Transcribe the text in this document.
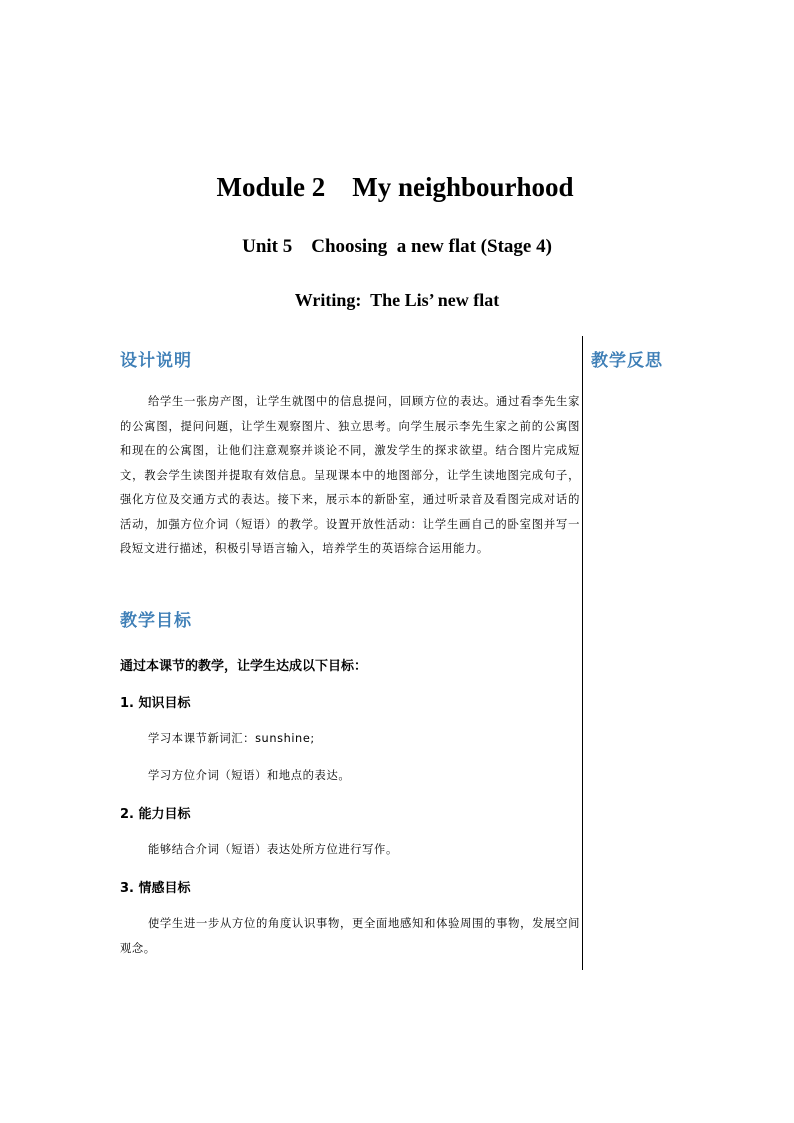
Module 2    My neighbourhood
Unit 5    Choosing  a new flat (Stage 4)
Writing:  The Lis’ new flat
设计说明	教学反思

给学生一张房产图，让学生就图中的信息提问，回顾方位的表达。通过看李先生家的公寓图，提问问题，让学生观察图片、独立思考。向学生展示李先生家之前的公寓图和现在的公寓图，让他们注意观察并谈论不同，激发学生的探求欲望。结合图片完成短文，教会学生读图并提取有效信息。呈现课本中的地图部分，让学生读地图完成句子，强化方位及交通方式的表达。接下来，展示本的新卧室，通过听录音及看图完成对话的活动，加强方位介词（短语）的教学。设置开放性活动：让学生画自己的卧室图并写一段短文进行描述，积极引导语言输入，培养学生的英语综合运用能力。

教学目标
通过本课节的教学，让学生达成以下目标：
1. 知识目标
学习本课节新词汇：sunshine;
学习方位介词（短语）和地点的表达。
2. 能力目标
能够结合介词（短语）表达处所方位进行写作。
3. 情感目标

使学生进一步从方位的角度认识事物，更全面地感知和体验周围的事物，发展空间观念。
